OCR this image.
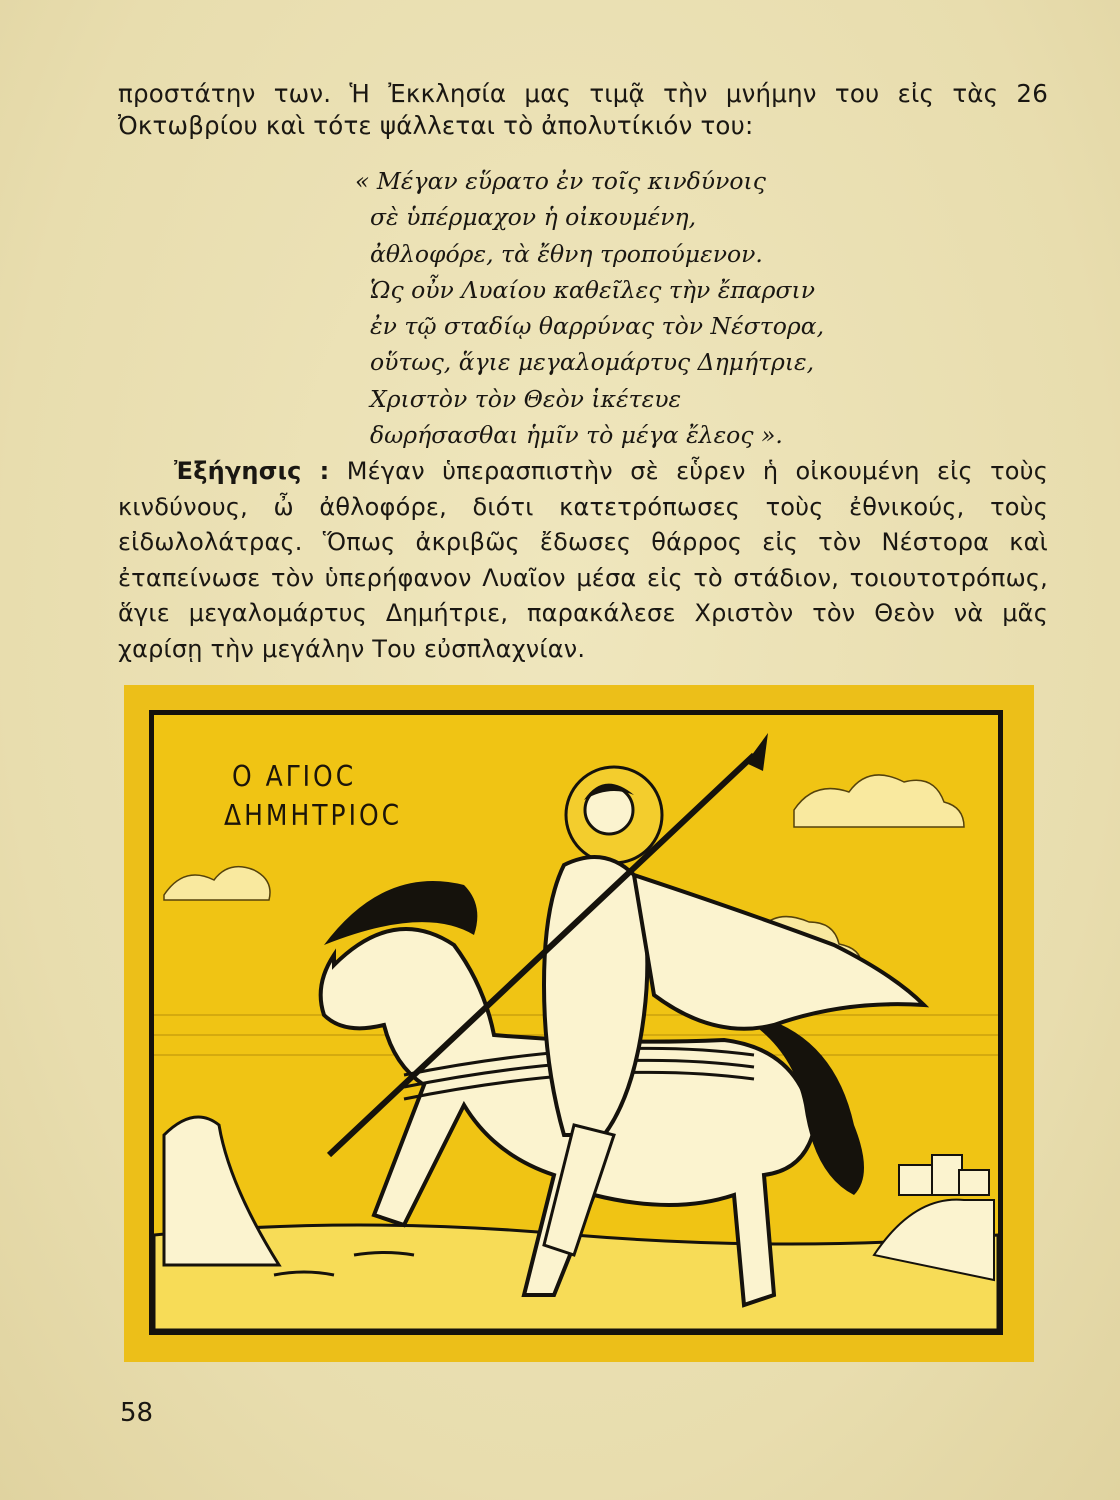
προστάτην των. Ἡ Ἐκκλησία μας τιμᾷ τὴν μνήμην του εἰς τὰς 26 Ὀκτωβρίου καὶ τότε ψάλλεται τὸ ἀπολυτίκιόν του:

« Μέγαν εὕρατο ἐν τοῖς κινδύνοις
σὲ ὑπέρμαχον ἡ οἰκουμένη,
ἀθλοφόρε, τὰ ἔθνη τροπούμενον.
Ὡς οὖν Λυαίου καθεῖλες τὴν ἔπαρσιν
ἐν τῷ σταδίῳ θαρρύνας τὸν Νέστορα,
οὕτως, ἅγιε μεγαλομάρτυς Δημήτριε,
Χριστὸν τὸν Θεὸν ἱκέτευε
δωρήσασθαι ἡμῖν τὸ μέγα ἔλεος ».

Ἐξήγησις : Μέγαν ὑπερασπιστὴν σὲ εὗρεν ἡ οἰκουμένη εἰς τοὺς κινδύνους, ὦ ἀθλοφόρε, διότι κατετρόπωσες τοὺς ἐθνικούς, τοὺς εἰδωλολάτρας. Ὅπως ἀκριβῶς ἔδωσες θάρρος εἰς τὸν Νέστορα καὶ ἐταπείνωσε τὸν ὑπερήφανον Λυαῖον μέσα εἰς τὸ στάδιον, τοιουτοτρόπως, ἅγιε μεγαλομάρτυς Δημήτριε, παρακάλεσε Χριστὸν τὸν Θεὸν νὰ μᾶς χαρίσῃ τὴν μεγάλην Του εὐσπλαχνίαν.

Ο ΑΓΙΟC
ΔΗΜΗΤΡΙΟC
58
